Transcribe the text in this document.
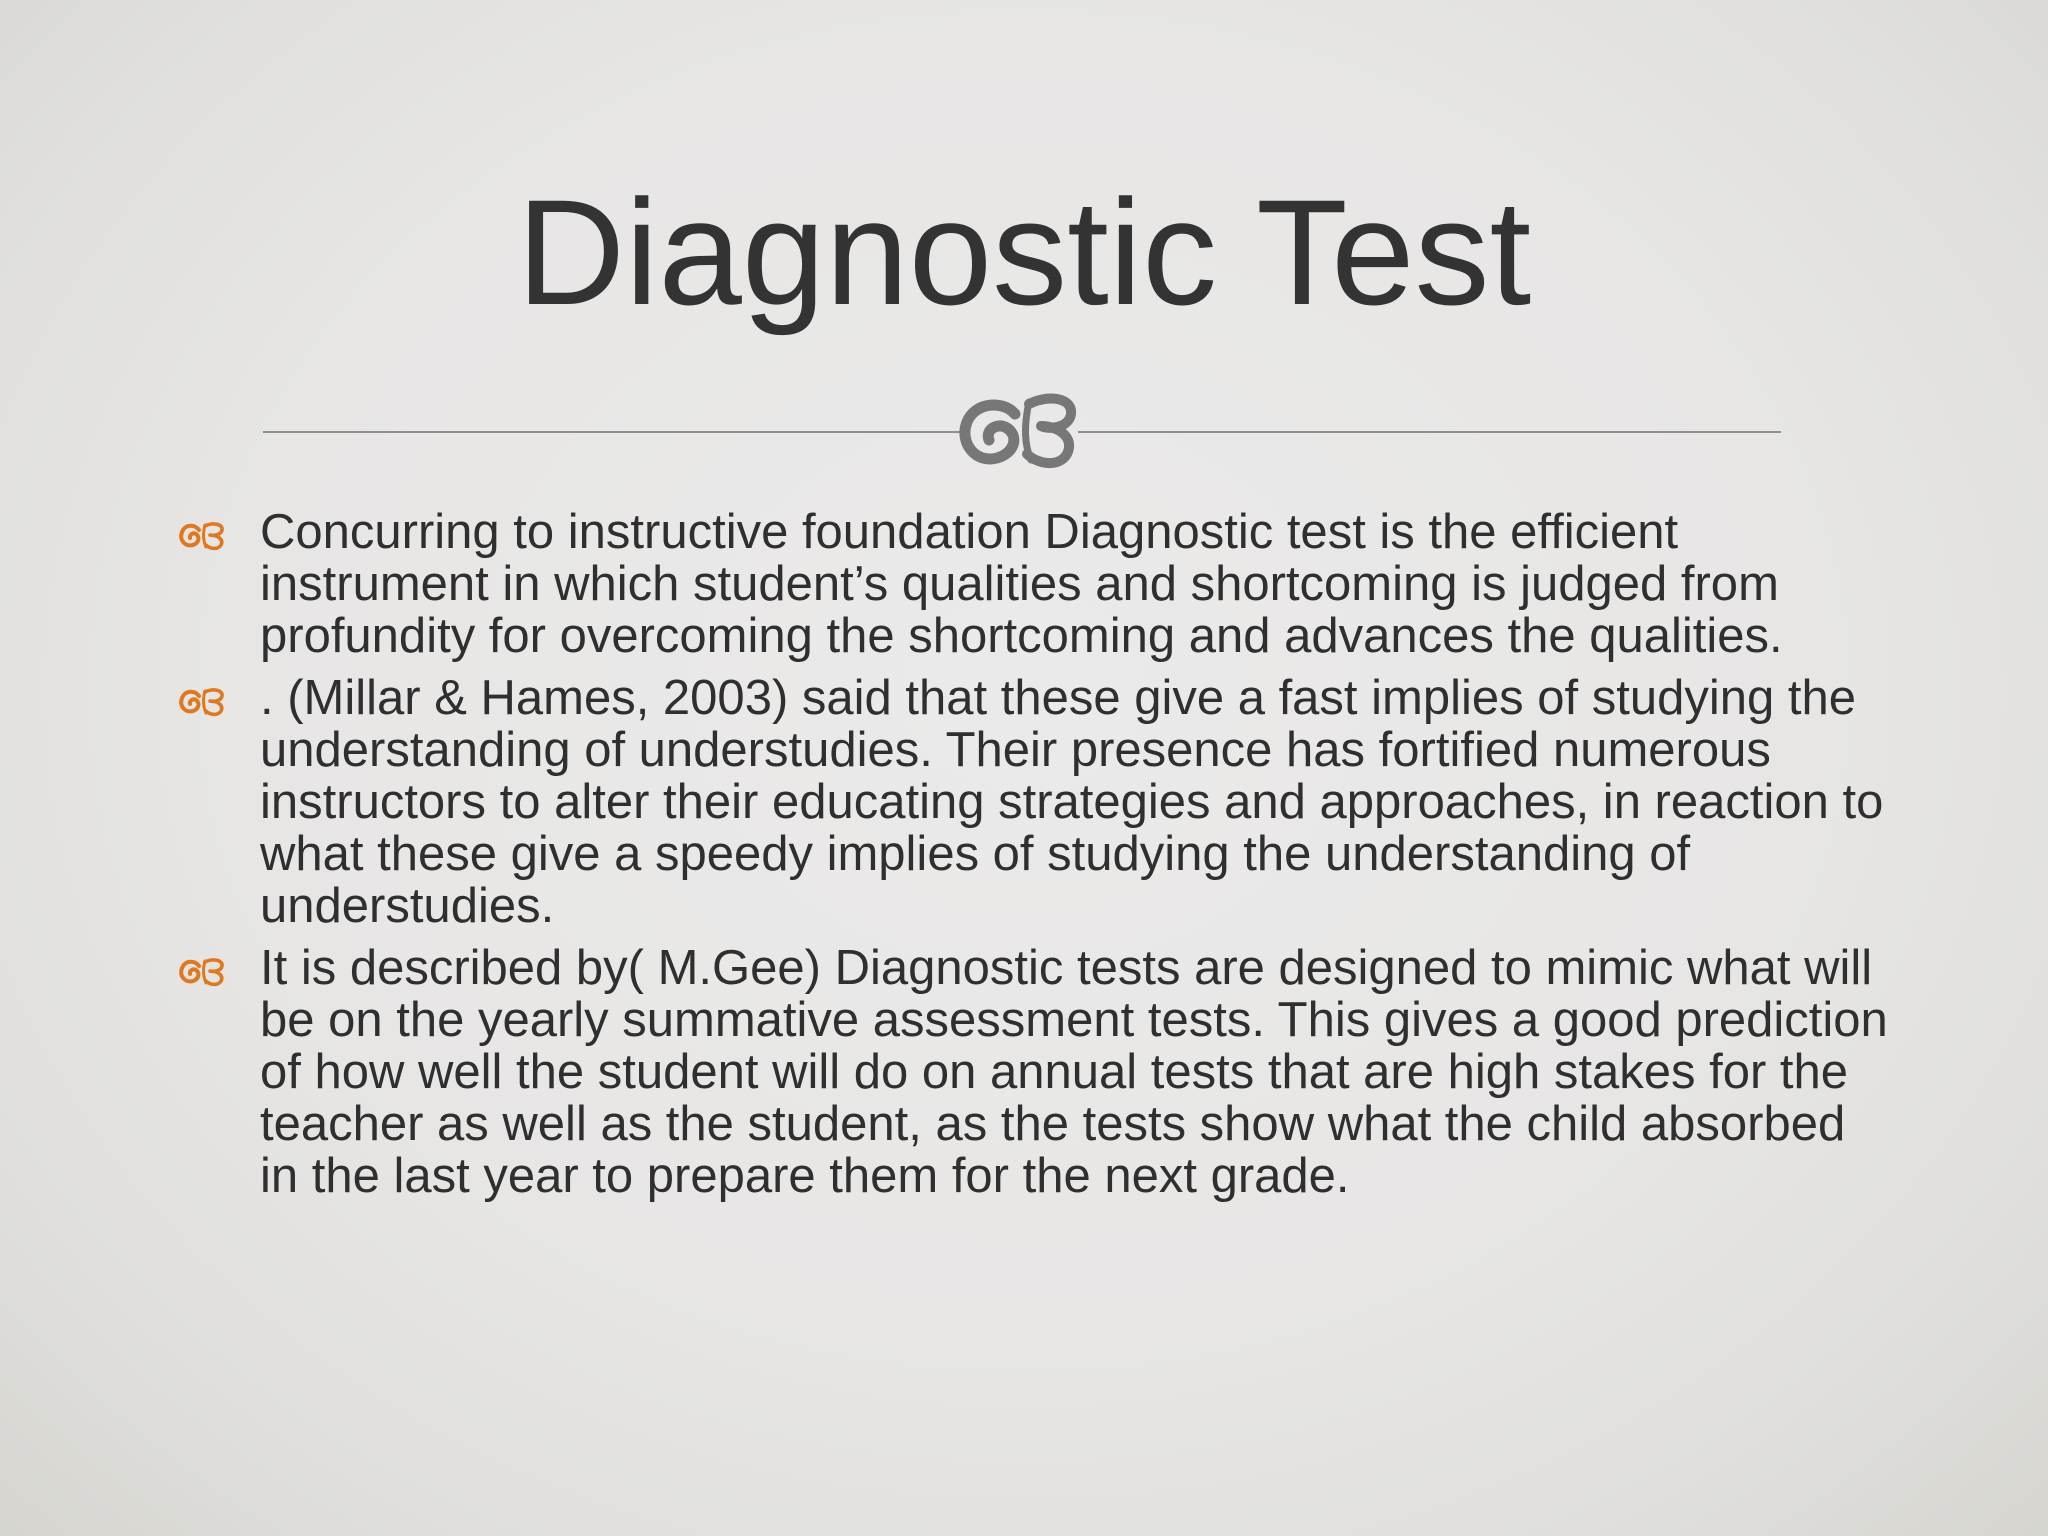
Diagnostic Test
Concurring to instructive foundation Diagnostic test is the efficient instrument in which student’s qualities and shortcoming is judged from profundity for overcoming the shortcoming and advances the qualities.
. (Millar & Hames, 2003) said that these give a fast implies of studying the understanding of understudies. Their presence has fortified numerous instructors to alter their educating strategies and approaches, in reaction to what these give a speedy implies of studying the understanding of understudies.
It is described by( M.Gee) Diagnostic tests are designed to mimic what will be on the yearly summative assessment tests. This gives a good prediction of how well the student will do on annual tests that are high stakes for the teacher as well as the student, as the tests show what the child absorbed in the last year to prepare them for the next grade.
